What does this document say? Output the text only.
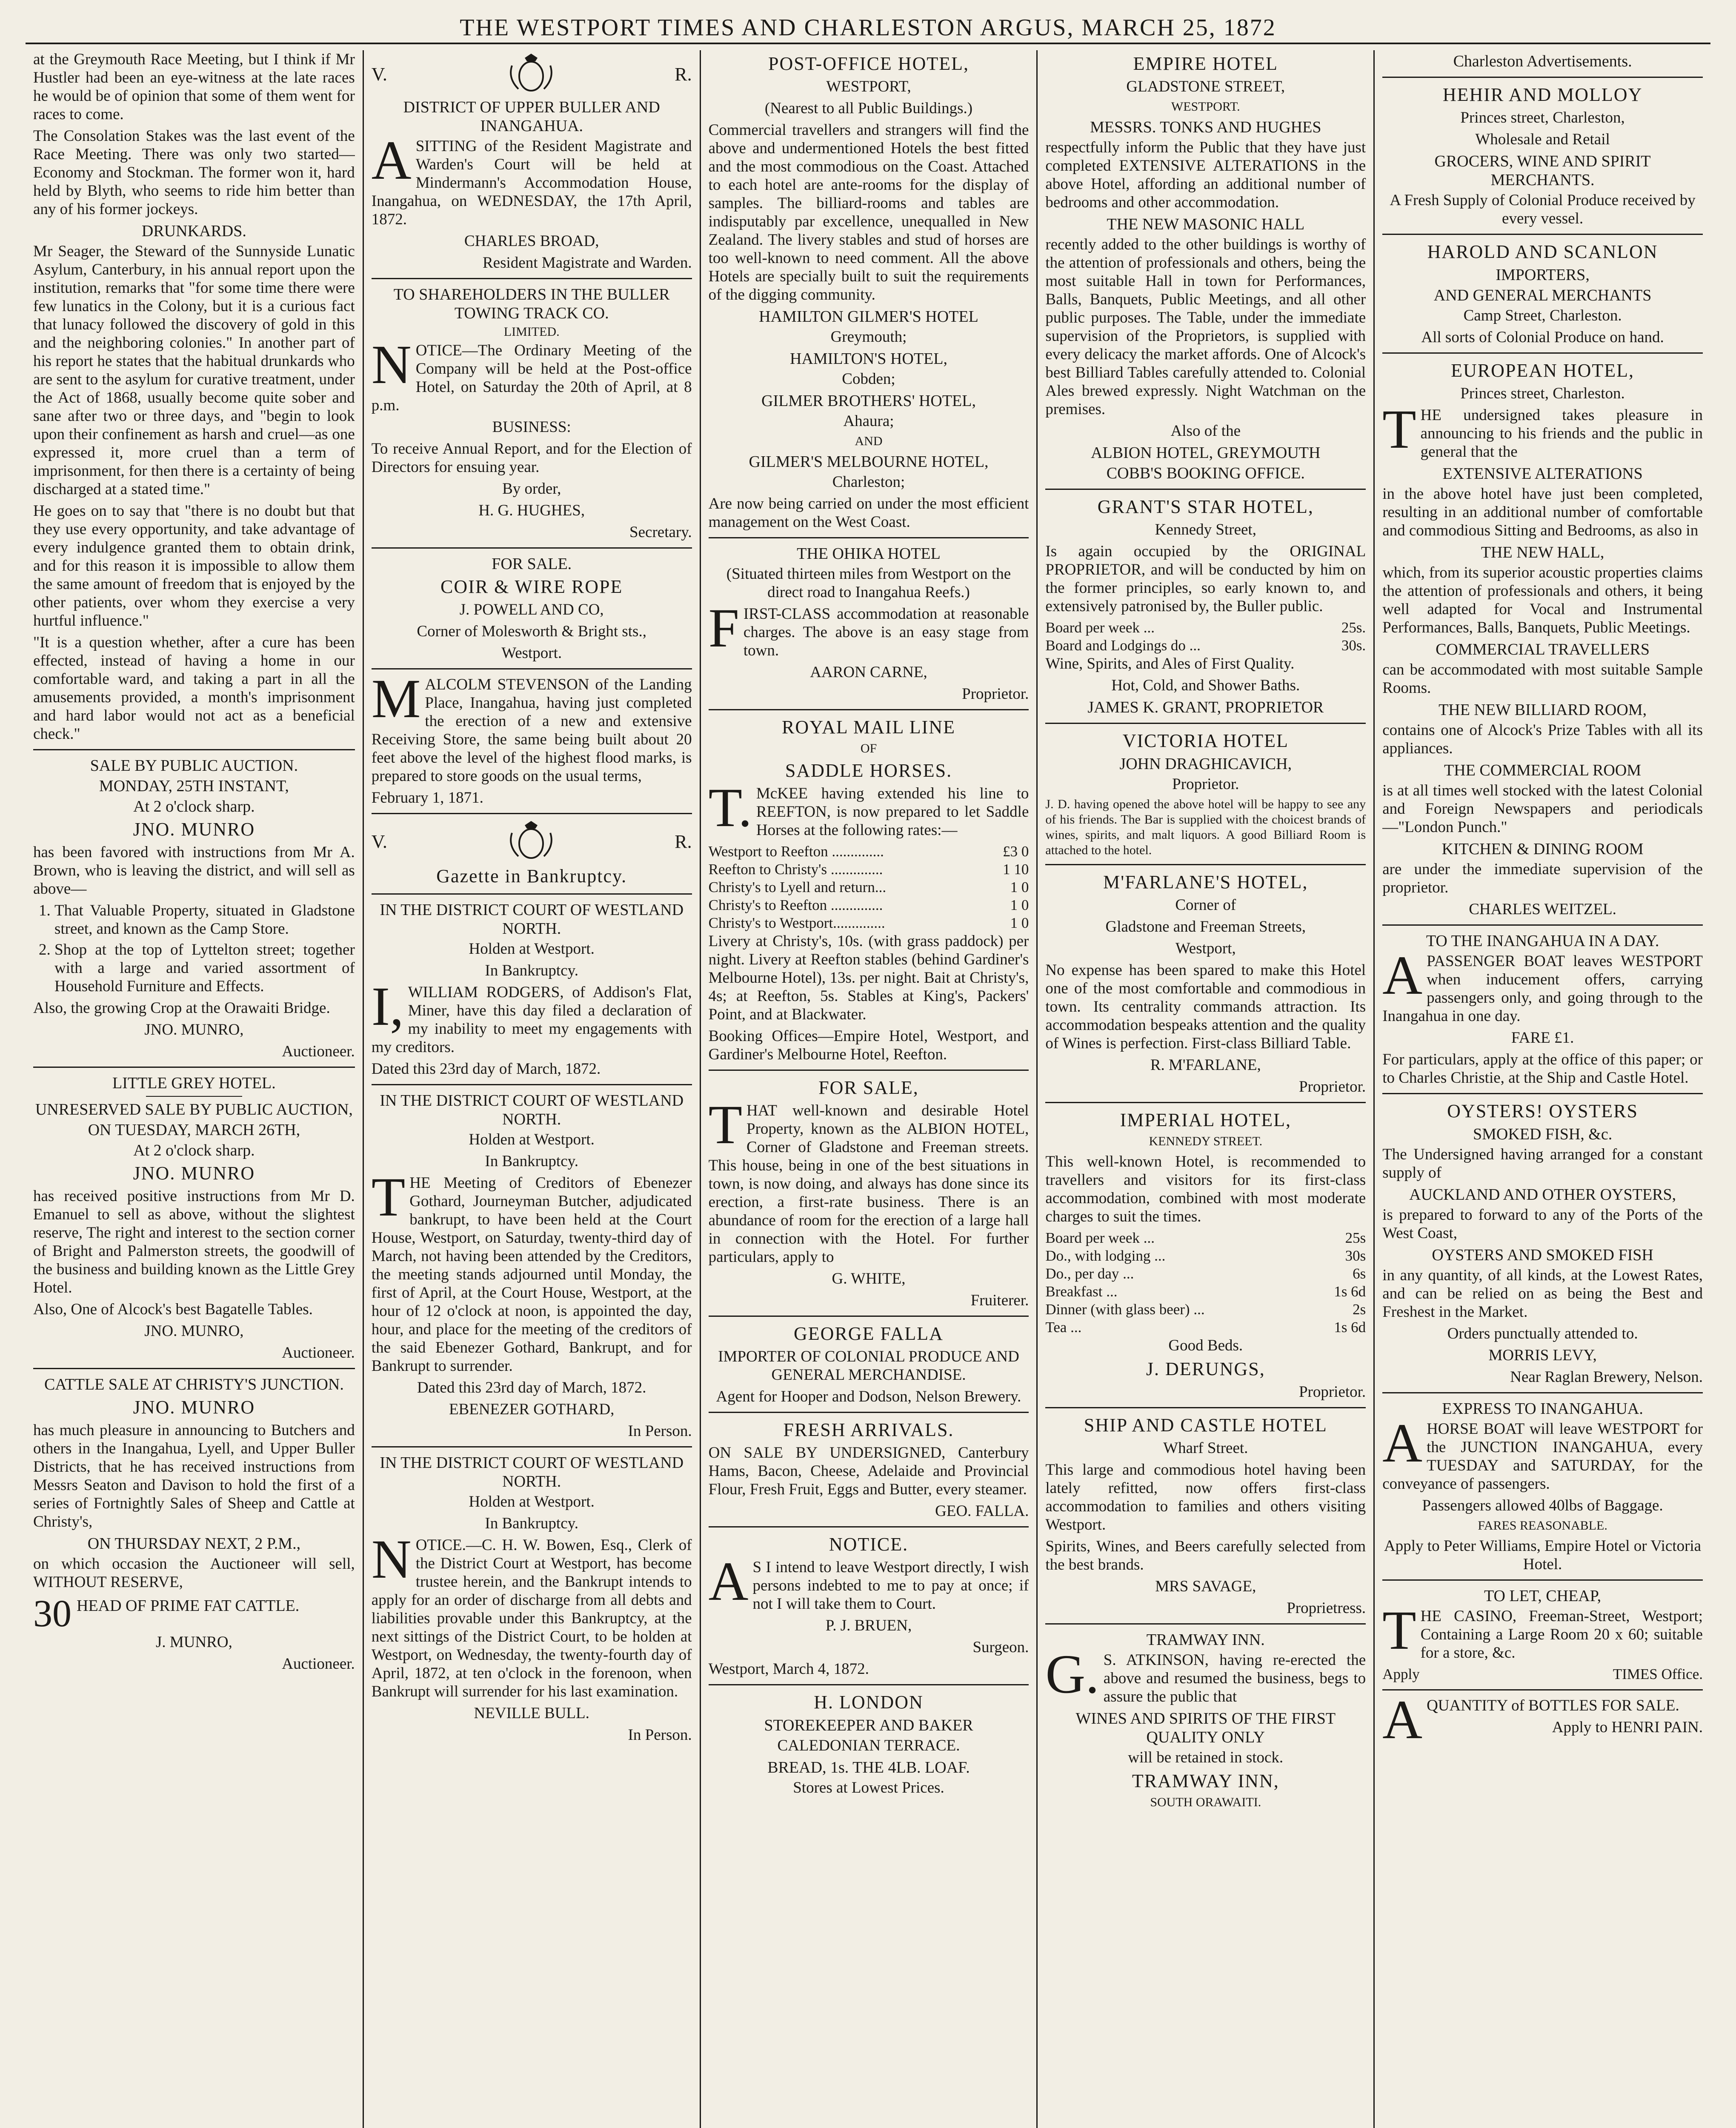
THE WESTPORT TIMES AND CHARLESTON ARGUS, MARCH 25, 1872

at the Greymouth Race Meeting, but I think if Mr Hustler had been an eye-witness at the late races he would be of opinion that some of them went for races to come.

The Consolation Stakes was the last event of the Race Meeting. There was only two started—Economy and Stockman. The former won it, hard held by Blyth, who seems to ride him better than any of his former jockeys.

DRUNKARDS.

Mr Seager, the Steward of the Sunnyside Lunatic Asylum, Canterbury, in his annual report upon the institution, remarks that "for some time there were few lunatics in the Colony, but it is a curious fact that lunacy followed the discovery of gold in this and the neighboring colonies." In another part of his report he states that the habitual drunkards who are sent to the asylum for curative treatment, under the Act of 1868, usually become quite sober and sane after two or three days, and "begin to look upon their confinement as harsh and cruel—as one expressed it, more cruel than a term of imprisonment, for then there is a certainty of being discharged at a stated time."

He goes on to say that "there is no doubt but that they use every opportunity, and take advantage of every indulgence granted them to obtain drink, and for this reason it is impossible to allow them the same amount of freedom that is enjoyed by the other patients, over whom they exercise a very hurtful influence."

"It is a question whether, after a cure has been effected, instead of having a home in our comfortable ward, and taking a part in all the amusements provided, a month's imprisonment and hard labor would not act as a beneficial check."

SALE BY PUBLIC AUCTION.
MONDAY, 25TH INSTANT,
At 2 o'clock sharp.
JNO. MUNRO

has been favored with instructions from Mr A. Brown, who is leaving the district, and will sell as above—

1. That Valuable Property, situated in Gladstone street, and known as the Camp Store.
2. Shop at the top of Lyttelton street; together with a large and varied assortment of Household Furniture and Effects.

Also, the growing Crop at the Orawaiti Bridge.

JNO. MUNRO,

Auctioneer.

LITTLE GREY HOTEL.
UNRESERVED SALE BY PUBLIC AUCTION,
ON TUESDAY, MARCH 26TH,
At 2 o'clock sharp.
JNO. MUNRO

has received positive instructions from Mr D. Emanuel to sell as above, without the slightest reserve, The right and interest to the section corner of Bright and Palmerston streets, the goodwill of the business and building known as the Little Grey Hotel.

Also, One of Alcock's best Bagatelle Tables.

JNO. MUNRO,

Auctioneer.

CATTLE SALE AT CHRISTY'S JUNCTION.
JNO. MUNRO

has much pleasure in announcing to Butchers and others in the Inangahua, Lyell, and Upper Buller Districts, that he has received instructions from Messrs Seaton and Davison to hold the first of a series of Fortnightly Sales of Sheep and Cattle at Christy's,

ON THURSDAY NEXT, 2 P.M.,

on which occasion the Auctioneer will sell, WITHOUT RESERVE,

30 HEAD OF PRIME FAT CATTLE.

J. MUNRO,

Auctioneer.

V.	R.
DISTRICT OF UPPER BULLER AND INANGAHUA.

ASITTING of the Resident Magistrate and Warden's Court will be held at Mindermann's Accommodation House, Inangahua, on WEDNESDAY, the 17th April, 1872.

CHARLES BROAD,

Resident Magistrate and Warden.

TO SHAREHOLDERS IN THE BULLER TOWING TRACK CO.
LIMITED.

NOTICE—The Ordinary Meeting of the Company will be held at the Post-office Hotel, on Saturday the 20th of April, at 8 p.m.

BUSINESS:

To receive Annual Report, and for the Election of Directors for ensuing year.

By order,

H. G. HUGHES,

Secretary.

FOR SALE.
COIR & WIRE ROPE

J. POWELL AND CO,

Corner of Molesworth & Bright sts.,

Westport.

MALCOLM STEVENSON of the Landing Place, Inangahua, having just completed the erection of a new and extensive Receiving Store, the same being built about 20 feet above the level of the highest flood marks, is prepared to store goods on the usual terms,

February 1, 1871.

V.	R.
Gazette in Bankruptcy.
IN THE DISTRICT COURT OF WESTLAND NORTH.

Holden at Westport.

In Bankruptcy.

I,WILLIAM RODGERS, of Addison's Flat, Miner, have this day filed a declaration of my inability to meet my engagements with my creditors.

Dated this 23rd day of March, 1872.

IN THE DISTRICT COURT OF WESTLAND NORTH.

Holden at Westport.

In Bankruptcy.

THE Meeting of Creditors of Ebenezer Gothard, Journeyman Butcher, adjudicated bankrupt, to have been held at the Court House, Westport, on Saturday, twenty-third day of March, not having been attended by the Creditors, the meeting stands adjourned until Monday, the first of April, at the Court House, Westport, at the hour of 12 o'clock at noon, is appointed the day, hour, and place for the meeting of the creditors of the said Ebenezer Gothard, Bankrupt, and for Bankrupt to surrender.

Dated this 23rd day of March, 1872.

EBENEZER GOTHARD,

In Person.

IN THE DISTRICT COURT OF WESTLAND NORTH.

Holden at Westport.

In Bankruptcy.

NOTICE.—C. H. W. Bowen, Esq., Clerk of the District Court at Westport, has become trustee herein, and the Bankrupt intends to apply for an order of discharge from all debts and liabilities provable under this Bankruptcy, at the next sittings of the District Court, to be holden at Westport, on Wednesday, the twenty-fourth day of April, 1872, at ten o'clock in the forenoon, when Bankrupt will surrender for his last examination.

NEVILLE BULL.

In Person.

POST-OFFICE HOTEL,

WESTPORT,

(Nearest to all Public Buildings.)

Commercial travellers and strangers will find the above and undermentioned Hotels the best fitted and the most commodious on the Coast. Attached to each hotel are ante-rooms for the display of samples. The billiard-rooms and tables are indisputably par excellence, unequalled in New Zealand. The livery stables and stud of horses are too well-known to need comment. All the above Hotels are specially built to suit the requirements of the digging community.

HAMILTON GILMER'S HOTEL

Greymouth;

HAMILTON'S HOTEL,

Cobden;

GILMER BROTHERS' HOTEL,

Ahaura;

AND

GILMER'S MELBOURNE HOTEL,

Charleston;

Are now being carried on under the most efficient management on the West Coast.

THE OHIKA HOTEL

(Situated thirteen miles from Westport on the direct road to Inangahua Reefs.)

FIRST-CLASS accommodation at reasonable charges. The above is an easy stage from town.

AARON CARNE,

Proprietor.

ROYAL MAIL LINE

OF

SADDLE HORSES.

T.McKEE having extended his line to REEFTON, is now prepared to let Saddle Horses at the following rates:—

Westport to Reefton ..............	£3 0
Reefton to Christy's ..............	1 10
Christy's to Lyell and return...	1 0
Christy's to Reefton ..............	1 0
Christy's to Westport..............	1 0

Livery at Christy's, 10s. (with grass paddock) per night. Livery at Reefton stables (behind Gardiner's Melbourne Hotel), 13s. per night. Bait at Christy's, 4s; at Reefton, 5s. Stables at King's, Packers' Point, and at Blackwater.

Booking Offices—Empire Hotel, Westport, and Gardiner's Melbourne Hotel, Reefton.

FOR SALE,

THAT well-known and desirable Hotel Property, known as the ALBION HOTEL, Corner of Gladstone and Freeman streets. This house, being in one of the best situations in town, is now doing, and always has done since its erection, a first-rate business. There is an abundance of room for the erection of a large hall in connection with the Hotel. For further particulars, apply to

G. WHITE,

Fruiterer.

GEORGE FALLA

IMPORTER OF COLONIAL PRODUCE AND GENERAL MERCHANDISE.

Agent for Hooper and Dodson, Nelson Brewery.

FRESH ARRIVALS.

ON SALE BY UNDERSIGNED, Canterbury Hams, Bacon, Cheese, Adelaide and Provincial Flour, Fresh Fruit, Eggs and Butter, every steamer.

GEO. FALLA.

NOTICE.

AS I intend to leave Westport directly, I wish persons indebted to me to pay at once; if not I will take them to Court.

P. J. BRUEN,

Surgeon.

Westport, March 4, 1872.

H. LONDON
STOREKEEPER AND BAKER

CALEDONIAN TERRACE.

BREAD, 1s. THE 4LB. LOAF.

Stores at Lowest Prices.

EMPIRE HOTEL

GLADSTONE STREET,

WESTPORT.

MESSRS. TONKS AND HUGHES

respectfully inform the Public that they have just completed EXTENSIVE ALTERATIONS in the above Hotel, affording an additional number of bedrooms and other accommodation.

THE NEW MASONIC HALL

recently added to the other buildings is worthy of the attention of professionals and others, being the most suitable Hall in town for Performances, Balls, Banquets, Public Meetings, and all other public purposes. The Table, under the immediate supervision of the Proprietors, is supplied with every delicacy the market affords. One of Alcock's best Billiard Tables carefully attended to. Colonial Ales brewed expressly. Night Watchman on the premises.

Also of the

ALBION HOTEL, GREYMOUTH
COBB'S BOOKING OFFICE.
GRANT'S STAR HOTEL,

Kennedy Street,

Is again occupied by the ORIGINAL PROPRIETOR, and will be conducted by him on the former principles, so early known to, and extensively patronised by, the Buller public.

Board per week ...	25s.
Board and Lodgings do ...	30s.

Wine, Spirits, and Ales of First Quality.

Hot, Cold, and Shower Baths.

JAMES K. GRANT, PROPRIETOR
VICTORIA HOTEL
JOHN DRAGHICAVICH,

Proprietor.

J. D. having opened the above hotel will be happy to see any of his friends. The Bar is supplied with the choicest brands of wines, spirits, and malt liquors. A good Billiard Room is attached to the hotel.

M'FARLANE'S HOTEL,

Corner of

Gladstone and Freeman Streets,

Westport,

No expense has been spared to make this Hotel one of the most comfortable and commodious in town. Its centrality commands attraction. Its accommodation bespeaks attention and the quality of Wines is perfection. First-class Billiard Table.

R. M'FARLANE,

Proprietor.

IMPERIAL HOTEL,

KENNEDY STREET.

This well-known Hotel, is recommended to travellers and visitors for its first-class accommodation, combined with most moderate charges to suit the times.

Board per week ...	25s
Do., with lodging ...	30s
Do., per day ...	6s
Breakfast ...	1s 6d
Dinner (with glass beer) ...	2s
Tea ...	1s 6d

Good Beds.

J. DERUNGS,

Proprietor.

SHIP AND CASTLE HOTEL

Wharf Street.

This large and commodious hotel having been lately refitted, now offers first-class accommodation to families and others visiting Westport.

Spirits, Wines, and Beers carefully selected from the best brands.

MRS SAVAGE,

Proprietress.

TRAMWAY INN.

G.S. ATKINSON, having re-erected the above and resumed the business, begs to assure the public that

WINES AND SPIRITS OF THE FIRST QUALITY ONLY

will be retained in stock.

TRAMWAY INN,

SOUTH ORAWAITI.

Charleston Advertisements.
HEHIR AND MOLLOY

Princes street, Charleston,

Wholesale and Retail

GROCERS, WINE AND SPIRIT MERCHANTS.

A Fresh Supply of Colonial Produce received by every vessel.

HAROLD AND SCANLON
IMPORTERS,
AND GENERAL MERCHANTS

Camp Street, Charleston.

All sorts of Colonial Produce on hand.

EUROPEAN HOTEL,

Princes street, Charleston.

THE undersigned takes pleasure in announcing to his friends and the public in general that the

EXTENSIVE ALTERATIONS

in the above hotel have just been completed, resulting in an additional number of comfortable and commodious Sitting and Bedrooms, as also in

THE NEW HALL,

which, from its superior acoustic properties claims the attention of professionals and others, it being well adapted for Vocal and Instrumental Performances, Balls, Banquets, Public Meetings.

COMMERCIAL TRAVELLERS

can be accommodated with most suitable Sample Rooms.

THE NEW BILLIARD ROOM,

contains one of Alcock's Prize Tables with all its appliances.

THE COMMERCIAL ROOM

is at all times well stocked with the latest Colonial and Foreign Newspapers and periodicals—"London Punch."

KITCHEN & DINING ROOM

are under the immediate supervision of the proprietor.

CHARLES WEITZEL.

TO THE INANGAHUA IN A DAY.

APASSENGER BOAT leaves WESTPORT when inducement offers, carrying passengers only, and going through to the Inangahua in one day.

FARE £1.

For particulars, apply at the office of this paper; or to Charles Christie, at the Ship and Castle Hotel.

OYSTERS! OYSTERS
SMOKED FISH, &c.

The Undersigned having arranged for a constant supply of

AUCKLAND AND OTHER OYSTERS,

is prepared to forward to any of the Ports of the West Coast,

OYSTERS AND SMOKED FISH

in any quantity, of all kinds, at the Lowest Rates, and can be relied on as being the Best and Freshest in the Market.

Orders punctually attended to.

MORRIS LEVY,

Near Raglan Brewery, Nelson.

EXPRESS TO INANGAHUA.

AHORSE BOAT will leave WESTPORT for the JUNCTION INANGAHUA, every TUESDAY and SATURDAY, for the conveyance of passengers.

Passengers allowed 40lbs of Baggage.

FARES REASONABLE.

Apply to Peter Williams, Empire Hotel or Victoria Hotel.

TO LET, CHEAP,

THE CASINO, Freeman-Street, Westport; Containing a Large Room 20 x 60; suitable for a store, &c.

Apply	TIMES Office.

AQUANTITY of BOTTLES FOR SALE.

Apply to HENRI PAIN.
